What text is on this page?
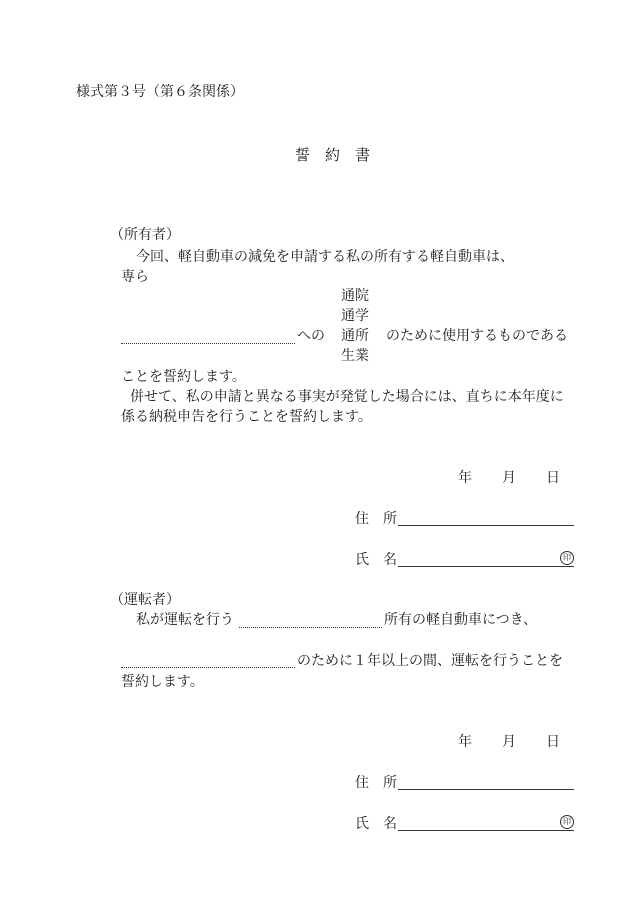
様式第３号（第６条関係）
誓　約　書
（所有者）
今回、軽自動車の減免を申請する私の所有する軽自動車は、
専ら
通院
通学
への 通所 のために使用するものである
生業
ことを誓約します。
併せて、私の申請と異なる事実が発覚した場合には、直ちに本年度に
係る納税申告を行うことを誓約します。
年 月 日
住　所
氏　名	印
（運転者）
私が運転を行う	所有の軽自動車につき、
のために１年以上の間、運転を行うことを
誓約します。
年 月 日
住　所
氏　名	印
